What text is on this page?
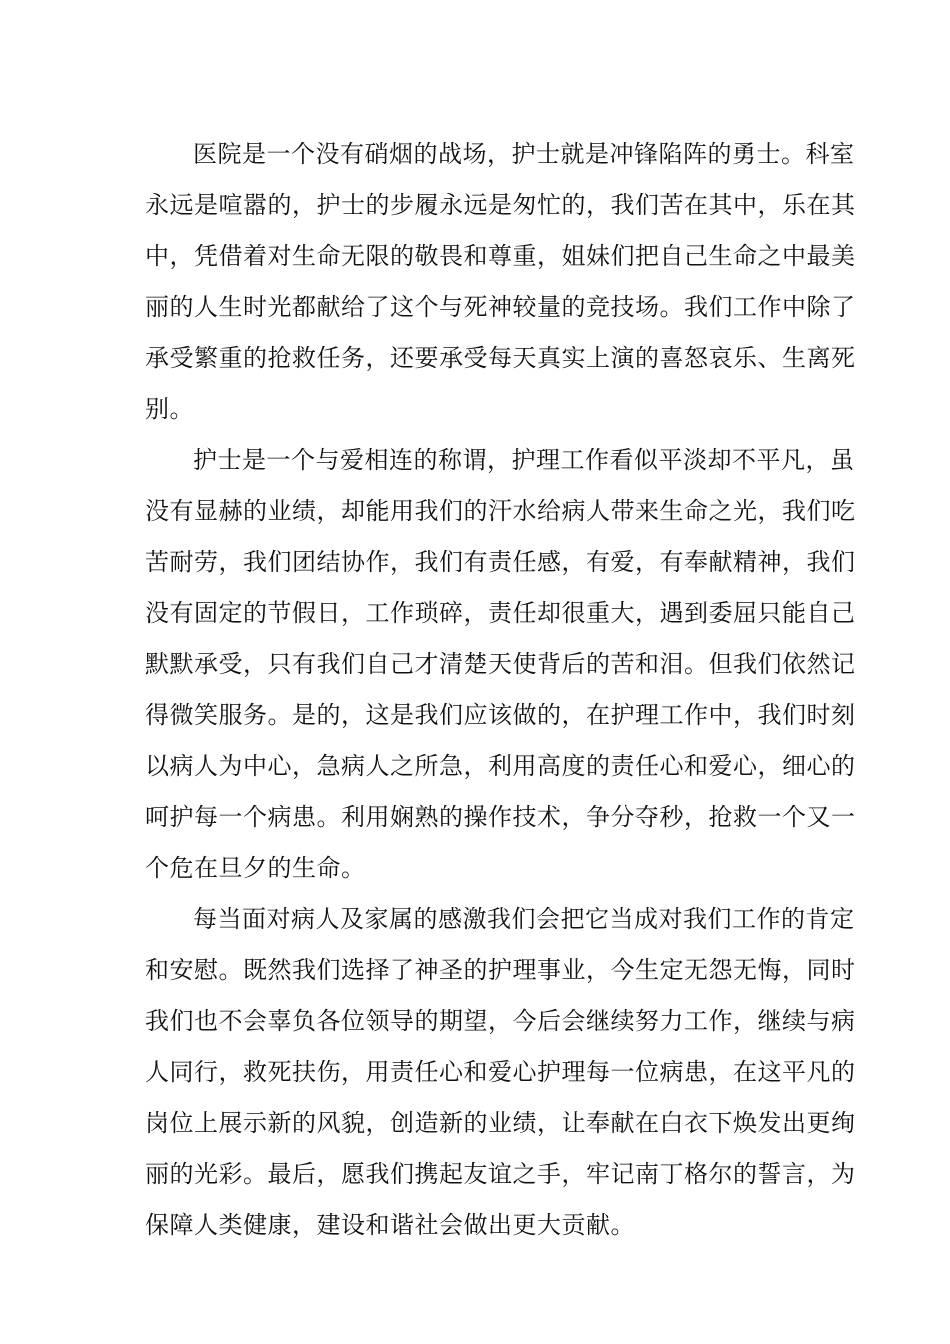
医院是一个没有硝烟的战场，护士就是冲锋陷阵的勇士。科室
永远是喧嚣的，护士的步履永远是匆忙的，我们苦在其中，乐在其
中，凭借着对生命无限的敬畏和尊重，姐妹们把自己生命之中最美
丽的人生时光都献给了这个与死神较量的竞技场。我们工作中除了
承受繁重的抢救任务，还要承受每天真实上演的喜怒哀乐、生离死
别。
护士是一个与爱相连的称谓，护理工作看似平淡却不平凡，虽
没有显赫的业绩，却能用我们的汗水给病人带来生命之光，我们吃
苦耐劳，我们团结协作，我们有责任感，有爱，有奉献精神，我们
没有固定的节假日，工作琐碎，责任却很重大，遇到委屈只能自己
默默承受，只有我们自己才清楚天使背后的苦和泪。但我们依然记
得微笑服务。是的，这是我们应该做的，在护理工作中，我们时刻
以病人为中心，急病人之所急，利用高度的责任心和爱心，细心的
呵护每一个病患。利用娴熟的操作技术，争分夺秒，抢救一个又一
个危在旦夕的生命。
每当面对病人及家属的感激我们会把它当成对我们工作的肯定
和安慰。既然我们选择了神圣的护理事业，今生定无怨无悔，同时
我们也不会辜负各位领导的期望，今后会继续努力工作，继续与病
人同行，救死扶伤，用责任心和爱心护理每一位病患，在这平凡的
岗位上展示新的风貌，创造新的业绩，让奉献在白衣下焕发出更绚
丽的光彩。最后，愿我们携起友谊之手，牢记南丁格尔的誓言，为
保障人类健康，建设和谐社会做出更大贡献。
